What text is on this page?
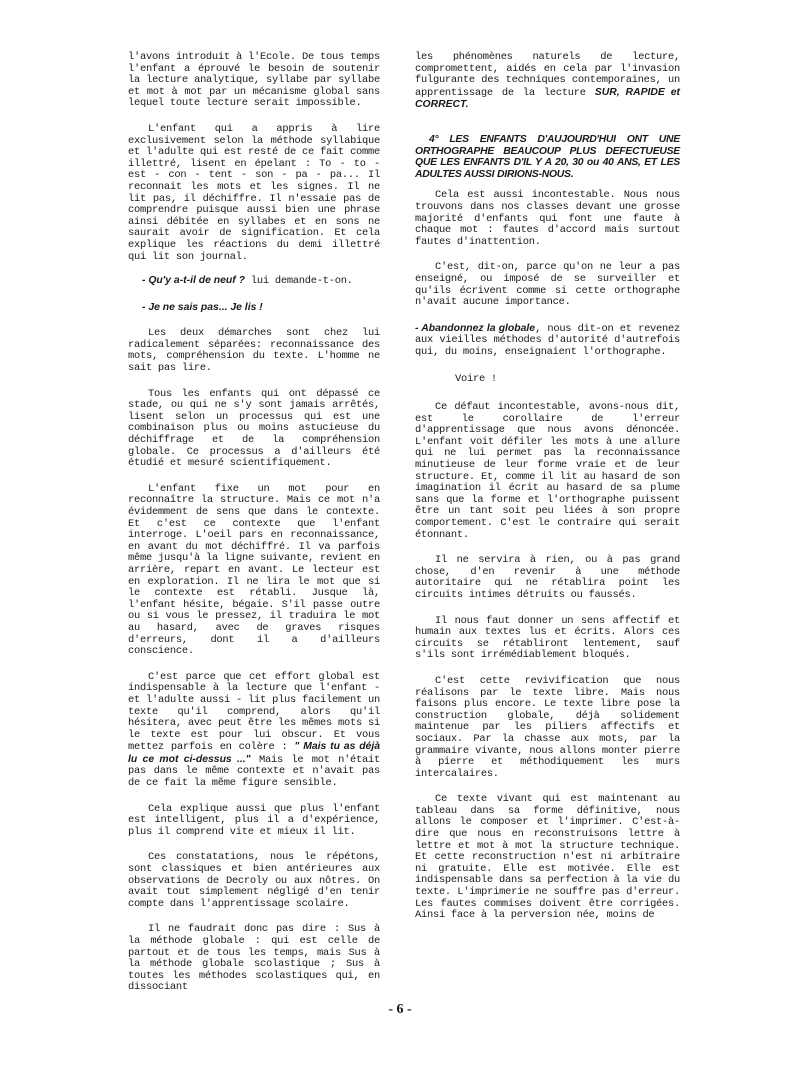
l'avons introduit à l'Ecole. De tous temps l'enfant a éprouvé le besoin de soutenir la lecture analytique, syllabe par syllabe et mot à mot par un mécanisme global sans lequel toute lecture serait impossible.

L'enfant qui a appris à lire exclusivement selon la méthode syllabique et l'adulte qui est resté de ce fait comme illettré, lisent en épelant : To - to - est - con - tent - son - pa - pa... Il reconnait les mots et les signes. Il ne lit pas, il déchiffre. Il n'essaie pas de comprendre puisque aussi bien une phrase ainsi débitée en syllabes et en sons ne saurait avoir de signification. Et cela explique les réactions du demi illettré qui lit son journal.

- Qu'y a-t-il de neuf ? lui demande-t-on.

- Je ne sais pas... Je lis !

Les deux démarches sont chez lui radicalement séparées: reconnaissance des mots, compréhension du texte. L'homme ne sait pas lire.

Tous les enfants qui ont dépassé ce stade, ou qui ne s'y sont jamais arrêtés, lisent selon un processus qui est une combinaison plus ou moins astucieuse du déchiffrage et de la compréhension globale. Ce processus a d'ailleurs été étudié et mesuré scientifiquement.

L'enfant fixe un mot pour en reconnaître la structure. Mais ce mot n'a évidemment de sens que dans le contexte. Et c'est ce contexte que l'enfant interroge. L'oeil pars en reconnaissance, en avant du mot déchiffré. Il va parfois même jusqu'à la ligne suivante, revient en arrière, repart en avant. Le lecteur est en exploration. Il ne lira le mot que si le contexte est rétabli. Jusque là, l'enfant hésite, bégaie. S'il passe outre ou si vous le pressez, il traduira le mot au hasard, avec de graves risques d'erreurs, dont il a d'ailleurs conscience.

C'est parce que cet effort global est indispensable à la lecture que l'enfant - et l'adulte aussi - lit plus facilement un texte qu'il comprend, alors qu'il hésitera, avec peut être les mêmes mots si le texte est pour lui obscur. Et vous mettez parfois en colère : " Mais tu as déjà lu ce mot ci-dessus ..." Mais le mot n'était pas dans le même contexte et n'avait pas de ce fait la même figure sensible.

Cela explique aussi que plus l'enfant est intelligent, plus il a d'expérience, plus il comprend vite et mieux il lit.

Ces constatations, nous le répétons, sont classiques et bien antérieures aux observations de Decroly ou aux nôtres. On avait tout simplement négligé d'en tenir compte dans l'apprentissage scolaire.

Il ne faudrait donc pas dire : Sus à la méthode globale : qui est celle de partout et de tous les temps, mais Sus à la méthode globale scolastique ; Sus à toutes les méthodes scolastiques qui, en dissociant

les phénomènes naturels de lecture, compromettent, aidés en cela par l'invasion fulgurante des techniques contemporaines, un apprentissage de la lecture SUR, RAPIDE et CORRECT.

4° LES ENFANTS D'AUJOURD'HUI ONT UNE ORTHOGRAPHE BEAUCOUP PLUS DEFECTUEUSE QUE LES ENFANTS D'IL Y A 20, 30 ou 40 ANS, ET LES ADULTES AUSSI DIRIONS-NOUS.

Cela est aussi incontestable. Nous nous trouvons dans nos classes devant une grosse majorité d'enfants qui font une faute à chaque mot : fautes d'accord mais surtout fautes d'inattention.

C'est, dit-on, parce qu'on ne leur a pas enseigné, ou imposé de se surveiller et qu'ils écrivent comme si cette orthographe n'avait aucune importance.

- Abandonnez la globale, nous dit-on et revenez aux vieilles méthodes d'autorité d'autrefois qui, du moins, enseignaient l'orthographe.

Voire !

Ce défaut incontestable, avons-nous dit, est le corollaire de l'erreur d'apprentissage que nous avons dénoncée. L'enfant voit défiler les mots à une allure qui ne lui permet pas la reconnaissance minutieuse de leur forme vraie et de leur structure. Et, comme il lit au hasard de son imagination il écrit au hasard de sa plume sans que la forme et l'orthographe puissent être un tant soit peu liées à son propre comportement. C'est le contraire qui serait étonnant.

Il ne servira à rien, ou à pas grand chose, d'en revenir à une méthode autoritaire qui ne rétablira point les circuits intimes détruits ou faussés.

Il nous faut donner un sens affectif et humain aux textes lus et écrits. Alors ces circuits se rétabliront lentement, sauf s'ils sont irrémédiablement bloqués.

C'est cette revivification que nous réalisons par le texte libre. Mais nous faisons plus encore. Le texte libre pose la construction globale, déjà solidement maintenue par les piliers affectifs et sociaux. Par la chasse aux mots, par la grammaire vivante, nous allons monter pierre à pierre et méthodiquement les murs intercalaires.

Ce texte vivant qui est maintenant au tableau dans sa forme définitive, nous allons le composer et l'imprimer. C'est-à-dire que nous en reconstruisons lettre à lettre et mot à mot la structure technique. Et cette reconstruction n'est ni arbitraire ni gratuite. Elle est motivée. Elle est indispensable dans sa perfection à la vie du texte. L'imprimerie ne souffre pas d'erreur. Les fautes commises doivent être corrigées. Ainsi face à la perversion née, moins de

- 6 -
